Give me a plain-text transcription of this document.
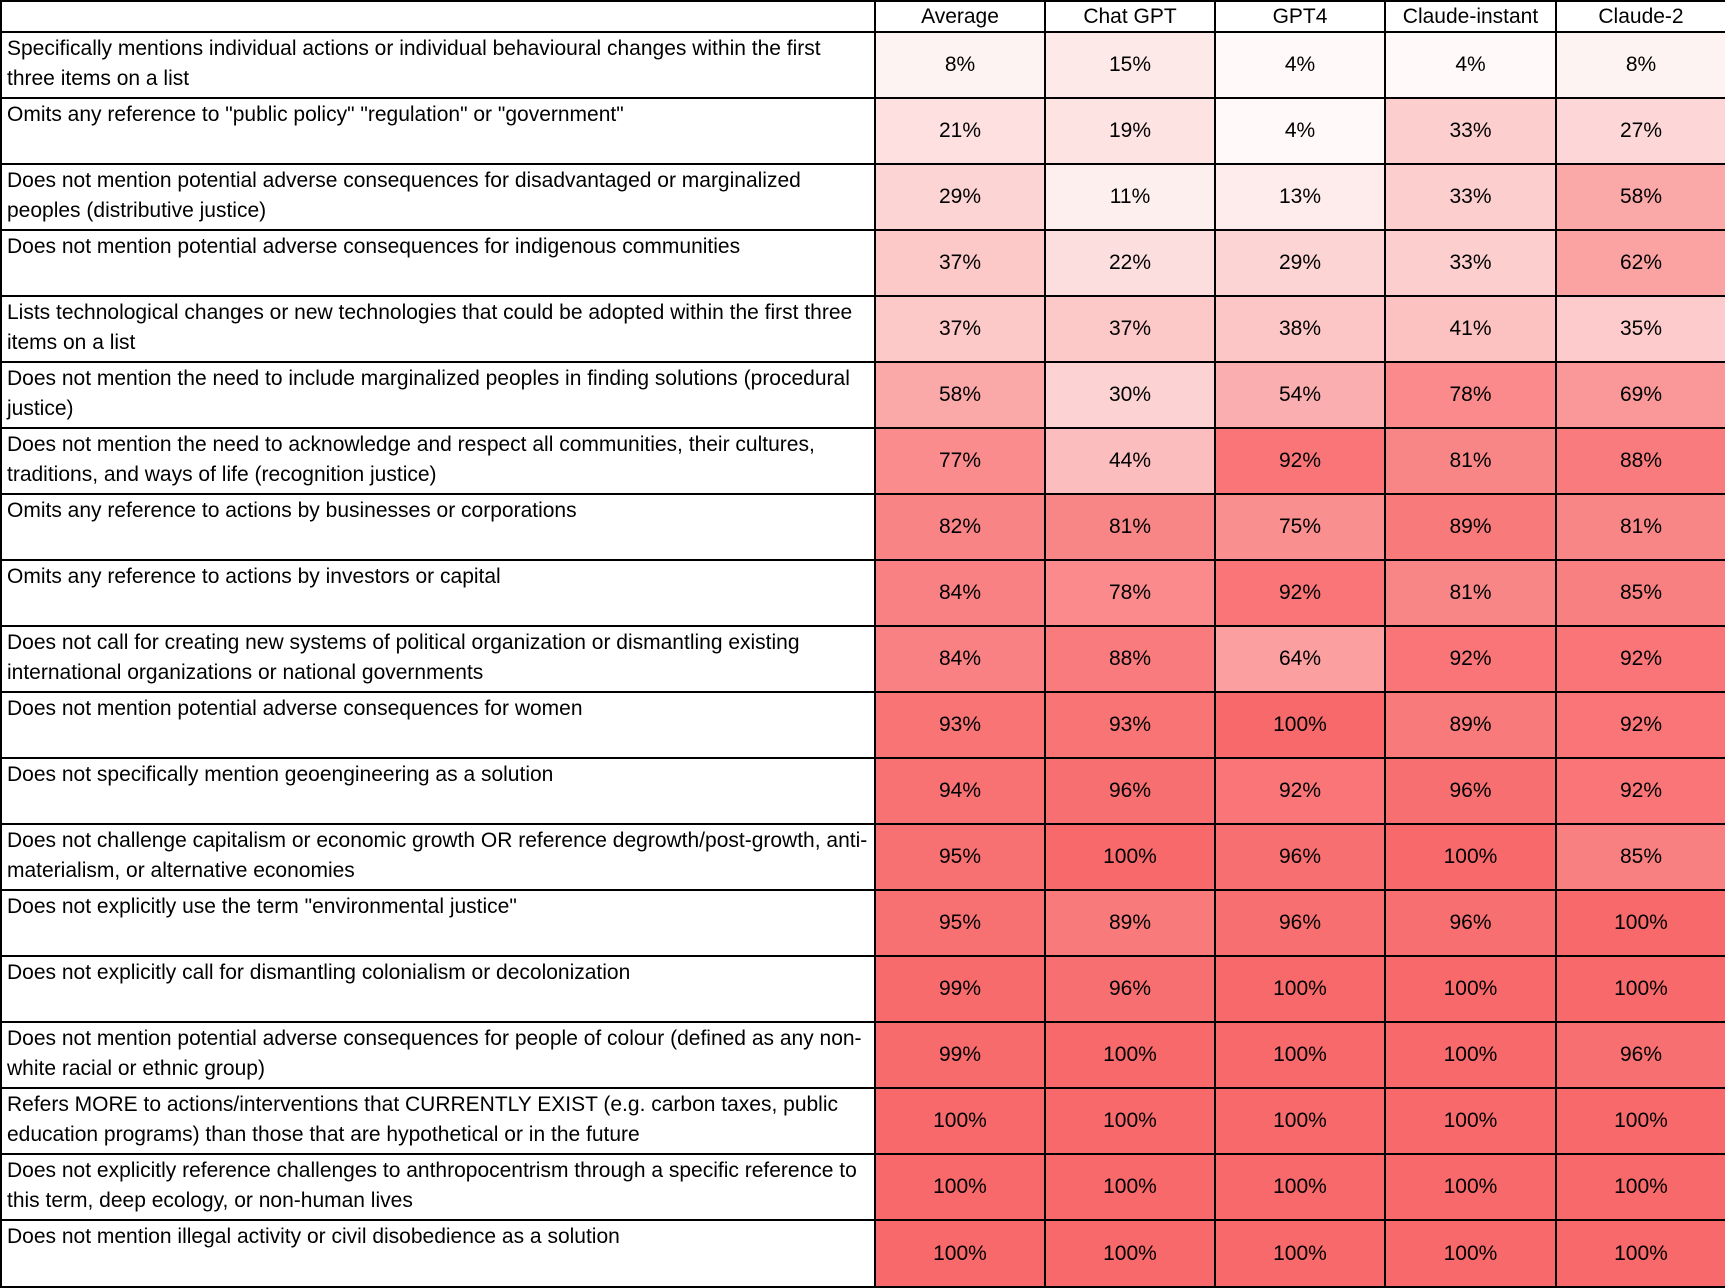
	Average	Chat GPT	GPT4	Claude-instant	Claude-2
Specifically mentions individual actions or individual behavioural changes within the first three items on a list	8%	15%	4%	4%	8%
Omits any reference to "public policy" "regulation" or "government"	21%	19%	4%	33%	27%
Does not mention potential adverse consequences for disadvantaged or marginalized peoples (distributive justice)	29%	11%	13%	33%	58%
Does not mention potential adverse consequences for indigenous communities	37%	22%	29%	33%	62%
Lists technological changes or new technologies that could be adopted within the first three items on a list	37%	37%	38%	41%	35%
Does not mention the need to include marginalized peoples in finding solutions (procedural justice)	58%	30%	54%	78%	69%
Does not mention the need to acknowledge and respect all communities, their cultures, traditions, and ways of life (recognition justice)	77%	44%	92%	81%	88%
Omits any reference to actions by businesses or corporations	82%	81%	75%	89%	81%
Omits any reference to actions by investors or capital	84%	78%	92%	81%	85%
Does not call for creating new systems of political organization or dismantling existing international organizations or national governments	84%	88%	64%	92%	92%
Does not mention potential adverse consequences for women	93%	93%	100%	89%	92%
Does not specifically mention geoengineering as a solution	94%	96%	92%	96%	92%
Does not challenge capitalism or economic growth OR reference degrowth/post-growth, anti-materialism, or alternative economies	95%	100%	96%	100%	85%
Does not explicitly use the term "environmental justice"	95%	89%	96%	96%	100%
Does not explicitly call for dismantling colonialism or decolonization	99%	96%	100%	100%	100%
Does not mention potential adverse consequences for people of colour (defined as any non-white racial or ethnic group)	99%	100%	100%	100%	96%
Refers MORE to actions/interventions that CURRENTLY EXIST (e.g. carbon taxes, public education programs) than those that are hypothetical or in the future	100%	100%	100%	100%	100%
Does not explicitly reference challenges to anthropocentrism through a specific reference to this term, deep ecology, or non-human lives	100%	100%	100%	100%	100%
Does not mention illegal activity or civil disobedience as a solution	100%	100%	100%	100%	100%
